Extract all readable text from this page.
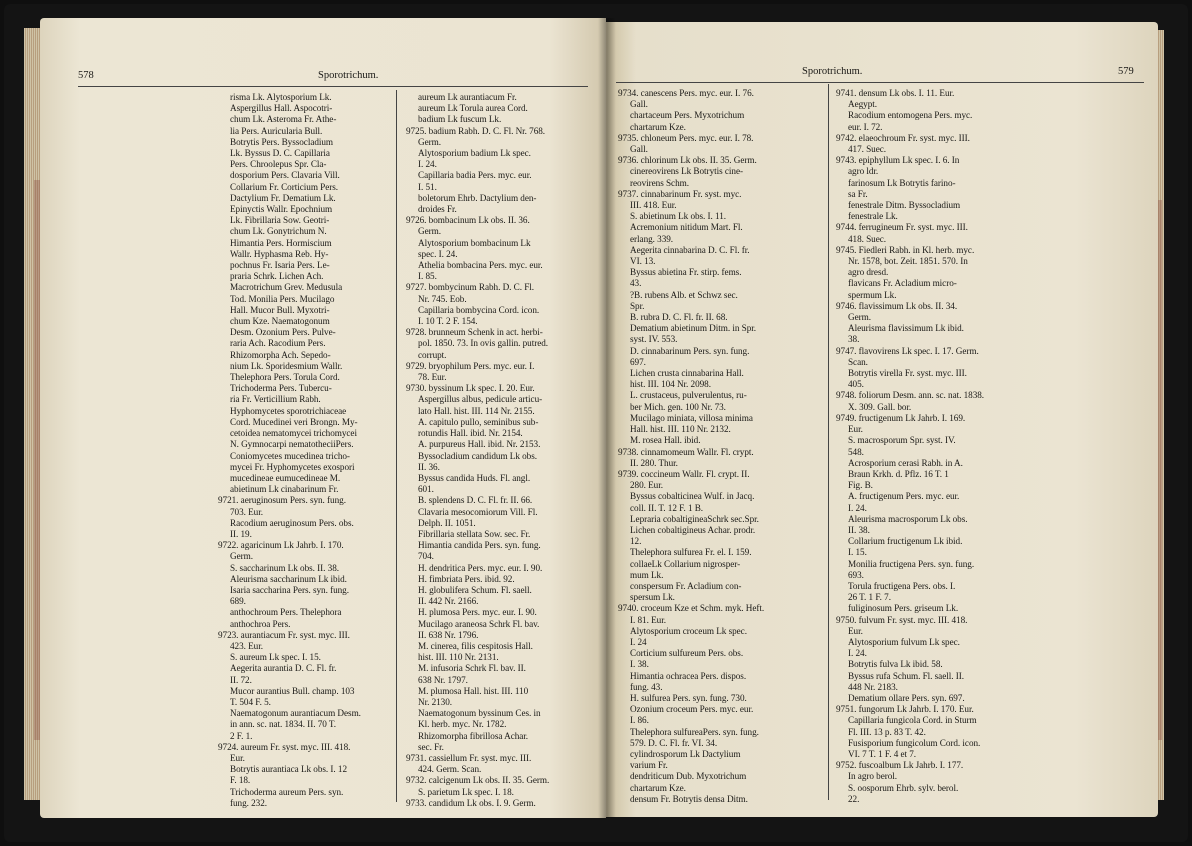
578	Sporotrichum.
risma Lk. Alytosporium Lk.
Aspergillus Hall. Aspocotri-
chum Lk. Asteroma Fr. Athe-
lia Pers. Auricularia Bull.
Botrytis Pers. Byssocladium
Lk. Byssus D. C. Capillaria
Pers. Chroolepus Spr. Cla-
dosporium Pers. Clavaria Vill.
Collarium Fr. Corticium Pers.
Dactylium Fr. Dematium Lk.
Epinyctis Wallr. Epochnium
Lk. Fibrillaria Sow. Geotri-
chum Lk. Gonytrichum N.
Himantia Pers. Hormiscium
Wallr. Hyphasma Reb. Hy-
pochnus Fr. Isaria Pers. Le-
praria Schrk. Lichen Ach.
Macrotrichum Grev. Medusula
Tod. Monilia Pers. Mucilago
Hall. Mucor Bull. Myxotri-
chum Kze. Naematogonum
Desm. Ozonium Pers. Pulve-
raria Ach. Racodium Pers.
Rhizomorpha Ach. Sepedo-
nium Lk. Sporidesmium Wallr.
Thelephora Pers. Torula Cord.
Trichoderma Pers. Tubercu-
ria Fr. Verticillium Rabh.
Hyphomycetes sporotrichiaceae
Cord. Mucedinei veri Brongn. My-
cetoidea nematomycei trichomycei
N. Gymnocarpi nematotheciiPers.
Coniomycetes mucedinea tricho-
mycei Fr. Hyphomycetes exospori
mucedineae eumucedineae M.
abietinum Lk cinabarinum Fr.
9721. aeruginosum Pers. syn. fung.
703. Eur.
Racodium aeruginosum Pers. obs.
II. 19.
9722. agaricinum Lk Jahrb. I. 170.
Germ.
S. saccharinum Lk obs. II. 38.
Aleurisma saccharinum Lk ibid.
Isaria saccharina Pers. syn. fung.
689.
anthochroum Pers. Thelephora
anthochroa Pers.
9723. aurantiacum Fr. syst. myc. III.
423. Eur.
S. aureum Lk spec. I. 15.
Aegerita aurantia D. C. Fl. fr.
II. 72.
Mucor aurantius Bull. champ. 103
T. 504 F. 5.
Naematogonum aurantiacum Desm.
in ann. sc. nat. 1834. II. 70 T.
2 F. 1.
9724. aureum Fr. syst. myc. III. 418.
Eur.
Botrytis aurantiaca Lk obs. I. 12
F. 18.
Trichoderma aureum Pers. syn.
fung. 232.
aureum Lk aurantiacum Fr.
aureum Lk Torula aurea Cord.
badium Lk fuscum Lk.
9725. badium Rabh. D. C. Fl. Nr. 768.
Germ.
Alytosporium badium Lk spec.
I. 24.
Capillaria badia Pers. myc. eur.
I. 51.
boletorum Ehrb. Dactylium den-
droides Fr.
9726. bombacinum Lk obs. II. 36.
Germ.
Alytosporium bombacinum Lk
spec. I. 24.
Athelia bombacina Pers. myc. eur.
I. 85.
9727. bombycinum Rabh. D. C. Fl.
Nr. 745. Eob.
Capillaria bombycina Cord. icon.
I. 10 T. 2 F. 154.
9728. brunneum Schenk in act. herbi-
pol. 1850. 73. In ovis gallin. putred.
corrupt.
9729. bryophilum Pers. myc. eur. I.
78. Eur.
9730. byssinum Lk spec. I. 20. Eur.
Aspergillus albus, pedicule articu-
lato Hall. hist. III. 114 Nr. 2155.
A. capitulo pullo, seminibus sub-
rotundis Hall. ibid. Nr. 2154.
A. purpureus Hall. ibid. Nr. 2153.
Byssocladium candidum Lk obs.
II. 36.
Byssus candida Huds. Fl. angl.
601.
B. splendens D. C. Fl. fr. II. 66.
Clavaria mesocomiorum Vill. Fl.
Delph. II. 1051.
Fibrillaria stellata Sow. sec. Fr.
Himantia candida Pers. syn. fung.
704.
H. dendritica Pers. myc. eur. I. 90.
H. fimbriata Pers. ibid. 92.
H. globulifera Schum. Fl. saell.
II. 442 Nr. 2166.
H. plumosa Pers. myc. eur. I. 90.
Mucilago araneosa Schrk Fl. bav.
II. 638 Nr. 1796.
M. cinerea, filis cespitosis Hall.
hist. III. 110 Nr. 2131.
M. infusoria Schrk Fl. bav. II.
638 Nr. 1797.
M. plumosa Hall. hist. III. 110
Nr. 2130.
Naematogonum byssinum Ces. in
Kl. herb. myc. Nr. 1782.
Rhizomorpha fibrillosa Achar.
sec. Fr.
9731. cassiellum Fr. syst. myc. III.
424. Germ. Scan.
9732. calcigenum Lk obs. II. 35. Germ.
S. parietum Lk spec. I. 18.
9733. candidum Lk obs. I. 9. Germ.
Sporotrichum.	579
9734. canescens Pers. myc. eur. I. 76.
Gall.
chartaceum Pers. Myxotrichum
chartarum Kze.
9735. chloneum Pers. myc. eur. I. 78.
Gall.
9736. chlorinum Lk obs. II. 35. Germ.
cinereovirens Lk Botrytis cine-
reovirens Schm.
9737. cinnabarinum Fr. syst. myc.
III. 418. Eur.
S. abietinum Lk obs. I. 11.
Acremonium nitidum Mart. Fl.
erlang. 339.
Aegerita cinnabarina D. C. Fl. fr.
VI. 13.
Byssus abietina Fr. stirp. fems.
43.
?B. rubens Alb. et Schwz sec.
Spr.
B. rubra D. C. Fl. fr. II. 68.
Dematium abietinum Ditm. in Spr.
syst. IV. 553.
D. cinnabarinum Pers. syn. fung.
697.
Lichen crusta cinnabarina Hall.
hist. III. 104 Nr. 2098.
L. crustaceus, pulverulentus, ru-
ber Mich. gen. 100 Nr. 73.
Mucilago miniata, villosa minima
Hall. hist. III. 110 Nr. 2132.
M. rosea Hall. ibid.
9738. cinnamomeum Wallr. Fl. crypt.
II. 280. Thur.
9739. coccineum Wallr. Fl. crypt. II.
280. Eur.
Byssus cobalticinea Wulf. in Jacq.
coll. II. T. 12 F. 1 B.
Lepraria cobaltigineaSchrk sec.Spr.
Lichen cobaltigineus Achar. prodr.
12.
Thelephora sulfurea Fr. el. I. 159.
collaeLk Collarium nigrosper-
mum Lk.
conspersum Fr. Acladium con-
spersum Lk.
9740. croceum Kze et Schm. myk. Heft.
I. 81. Eur.
Alytosporium croceum Lk spec.
I. 24
Corticium sulfureum Pers. obs.
I. 38.
Himantia ochracea Pers. dispos.
fung. 43.
H. sulfurea Pers. syn. fung. 730.
Ozonium croceum Pers. myc. eur.
I. 86.
Thelephora sulfureaPers. syn. fung.
579. D. C. Fl. fr. VI. 34.
cylindrosporum Lk Dactylium
varium Fr.
dendriticum Dub. Myxotrichum
chartarum Kze.
densum Fr. Botrytis densa Ditm.
9741. densum Lk obs. I. 11. Eur.
Aegypt.
Racodium entomogena Pers. myc.
eur. I. 72.
9742. elaeochroum Fr. syst. myc. III.
417. Suec.
9743. epiphyllum Lk spec. I. 6. In
agro ldr.
farinosum Lk Botrytis farino-
sa Fr.
fenestrale Ditm. Byssocladium
fenestrale Lk.
9744. ferrugineum Fr. syst. myc. III.
418. Suec.
9745. Fiedleri Rabh. in Kl. herb. myc.
Nr. 1578, bot. Zeit. 1851. 570. In
agro dresd.
flavicans Fr. Acladium micro-
spermum Lk.
9746. flavissimum Lk obs. II. 34.
Germ.
Aleurisma flavissimum Lk ibid.
38.
9747. flavovirens Lk spec. I. 17. Germ.
Scan.
Botrytis virella Fr. syst. myc. III.
405.
9748. foliorum Desm. ann. sc. nat. 1838.
X. 309. Gall. bor.
9749. fructigenum Lk Jahrb. I. 169.
Eur.
S. macrosporum Spr. syst. IV.
548.
Acrosporium cerasi Rabh. in A.
Braun Krkh. d. Pflz. 16 T. 1
Fig. B.
A. fructigenum Pers. myc. eur.
I. 24.
Aleurisma macrosporum Lk obs.
II. 38.
Collarium fructigenum Lk ibid.
I. 15.
Monilia fructigena Pers. syn. fung.
693.
Torula fructigena Pers. obs. I.
26 T. 1 F. 7.
fuliginosum Pers. griseum Lk.
9750. fulvum Fr. syst. myc. III. 418.
Eur.
Alytosporium fulvum Lk spec.
I. 24.
Botrytis fulva Lk ibid. 58.
Byssus rufa Schum. Fl. saell. II.
448 Nr. 2183.
Dematium ollare Pers. syn. 697.
9751. fungorum Lk Jahrb. I. 170. Eur.
Capillaria fungicola Cord. in Sturm
Fl. III. 13 p. 83 T. 42.
Fusisporium fungicolum Cord. icon.
VI. 7 T. 1 F. 4 et 7.
9752. fuscoalbum Lk Jahrb. I. 177.
In agro berol.
S. oosporum Ehrb. sylv. berol.
22.
